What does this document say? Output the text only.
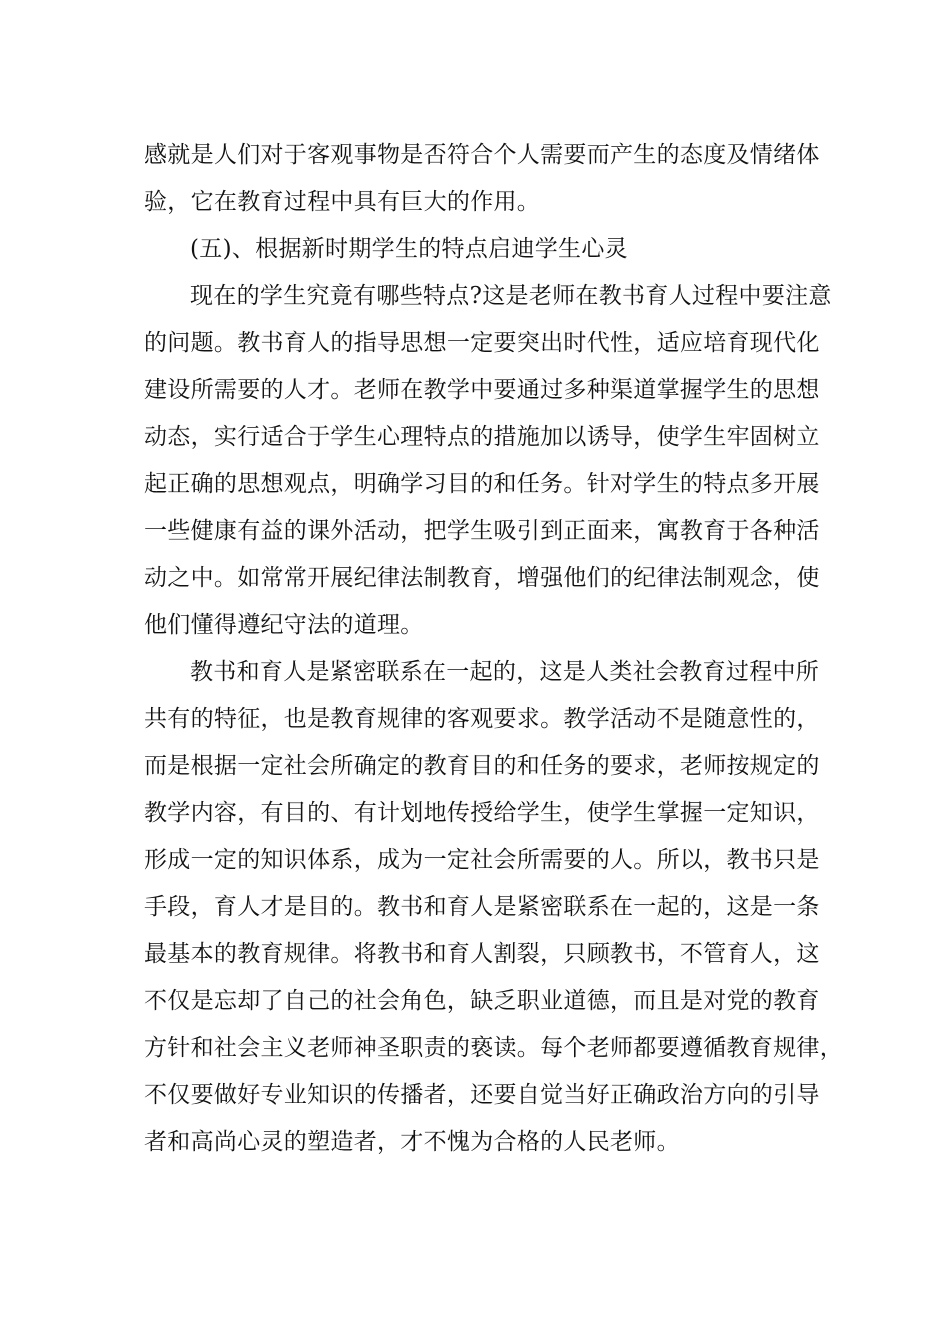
感就是人们对于客观事物是否符合个人需要而产生的态度及情绪体
验，它在教育过程中具有巨大的作用。
(五)、根据新时期学生的特点启迪学生心灵
现在的学生究竟有哪些特点?这是老师在教书育人过程中要注意
的问题。教书育人的指导思想一定要突出时代性，适应培育现代化
建设所需要的人才。老师在教学中要通过多种渠道掌握学生的思想
动态，实行适合于学生心理特点的措施加以诱导，使学生牢固树立
起正确的思想观点，明确学习目的和任务。针对学生的特点多开展
一些健康有益的课外活动，把学生吸引到正面来，寓教育于各种活
动之中。如常常开展纪律法制教育，增强他们的纪律法制观念，使
他们懂得遵纪守法的道理。
教书和育人是紧密联系在一起的，这是人类社会教育过程中所
共有的特征，也是教育规律的客观要求。教学活动不是随意性的，
而是根据一定社会所确定的教育目的和任务的要求，老师按规定的
教学内容，有目的、有计划地传授给学生，使学生掌握一定知识，
形成一定的知识体系，成为一定社会所需要的人。所以，教书只是
手段，育人才是目的。教书和育人是紧密联系在一起的，这是一条
最基本的教育规律。将教书和育人割裂，只顾教书，不管育人，这
不仅是忘却了自己的社会角色，缺乏职业道德，而且是对党的教育
方针和社会主义老师神圣职责的亵读。每个老师都要遵循教育规律，
不仅要做好专业知识的传播者，还要自觉当好正确政治方向的引导
者和高尚心灵的塑造者，才不愧为合格的人民老师。
